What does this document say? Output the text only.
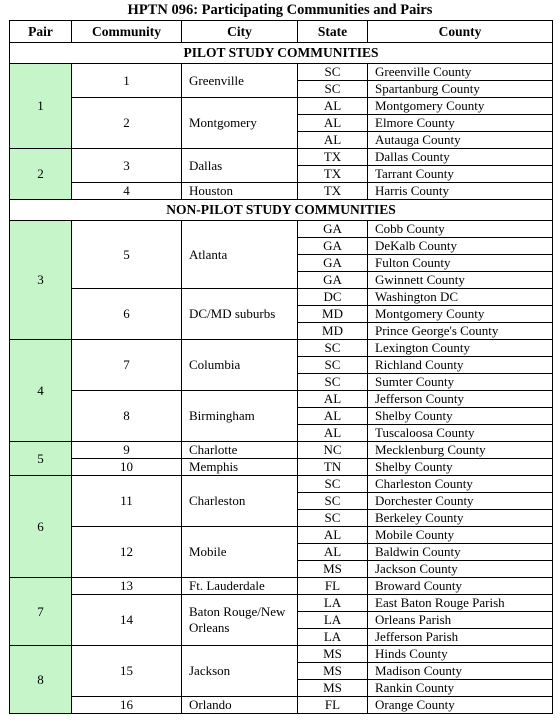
HPTN 096: Participating Communities and Pairs
Pair	Community	City	State	County
PILOT STUDY COMMUNITIES				
1	1	Greenville	SC	Greenville County
			SC	Spartanburg County
	2	Montgomery	AL	Montgomery County
			AL	Elmore County
			AL	Autauga County
2	3	Dallas	TX	Dallas County
			TX	Tarrant County
	4	Houston	TX	Harris County
NON-PILOT STUDY COMMUNITIES				
3	5	Atlanta	GA	Cobb County
			GA	DeKalb County
			GA	Fulton County
			GA	Gwinnett County
	6	DC/MD suburbs	DC	Washington DC
			MD	Montgomery County
			MD	Prince George's County
4	7	Columbia	SC	Lexington County
			SC	Richland County
			SC	Sumter County
	8	Birmingham	AL	Jefferson County
			AL	Shelby County
			AL	Tuscaloosa County
5	9	Charlotte	NC	Mecklenburg County
	10	Memphis	TN	Shelby County
6	11	Charleston	SC	Charleston County
			SC	Dorchester County
			SC	Berkeley County
	12	Mobile	AL	Mobile County
			AL	Baldwin County
			MS	Jackson County
7	13	Ft. Lauderdale	FL	Broward County
	14	Baton Rouge/New Orleans	LA	East Baton Rouge Parish
			LA	Orleans Parish
			LA	Jefferson Parish
8	15	Jackson	MS	Hinds County
			MS	Madison County
			MS	Rankin County
	16	Orlando	FL	Orange County
